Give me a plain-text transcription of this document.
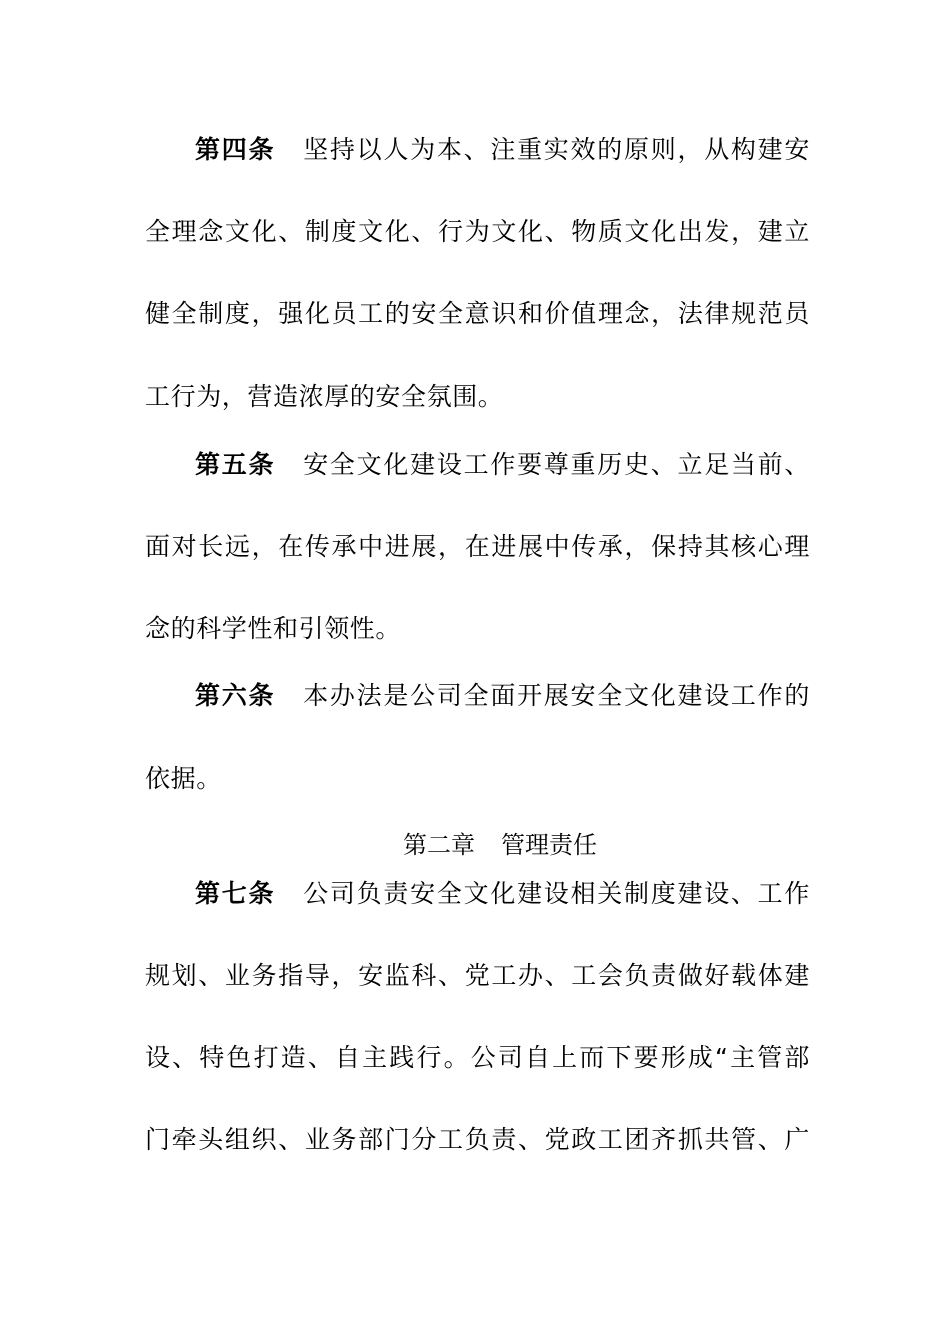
第四条 坚持以人为本、注重实效的原则，从构建安
全理念文化、制度文化、行为文化、物质文化出发，建立
健全制度，强化员工的安全意识和价值理念，法律规范员
工行为，营造浓厚的安全氛围。
第五条 安全文化建设工作要尊重历史、立足当前、
面对长远，在传承中进展，在进展中传承，保持其核心理
念的科学性和引领性。
第六条 本办法是公司全面开展安全文化建设工作的
依据。
第二章 管理责任
第七条 公司负责安全文化建设相关制度建设、工作
规划、业务指导，安监科、党工办、工会负责做好载体建
设、特色打造、自主践行。公司自上而下要形成“主管部
门牵头组织、业务部门分工负责、党政工团齐抓共管、广
